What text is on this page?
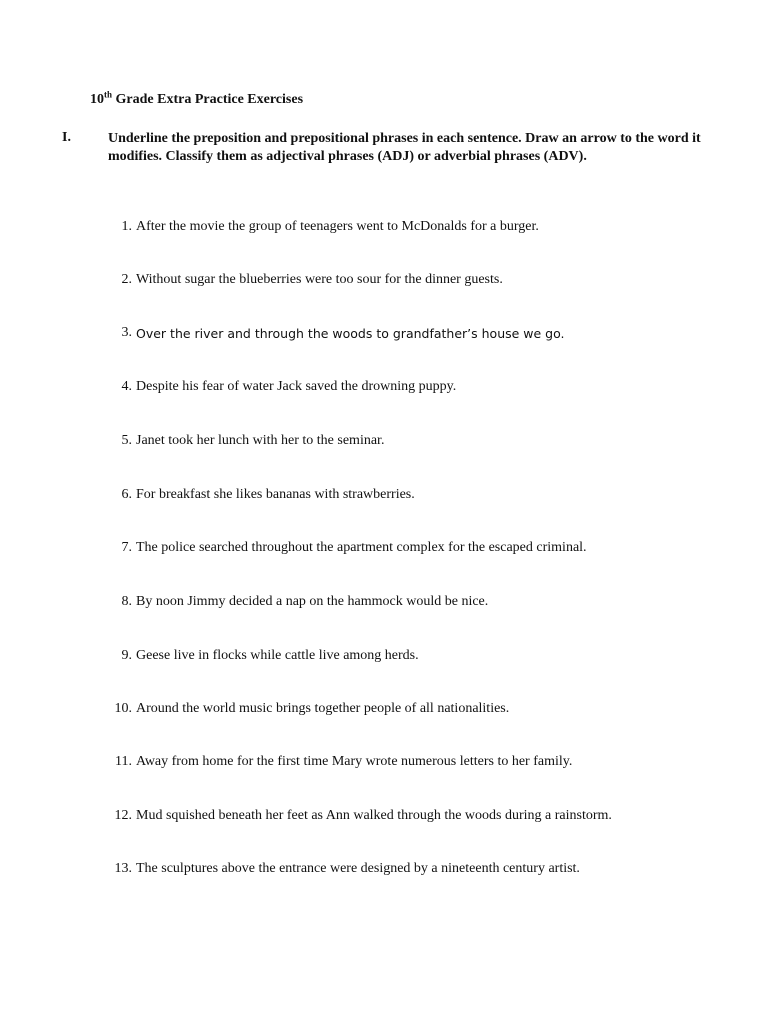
10th Grade Extra Practice Exercises
I.	Underline the preposition and prepositional phrases in each sentence. Draw an arrow to the word it modifies. Classify them as adjectival phrases (ADJ) or adverbial phrases (ADV).
1. After the movie the group of teenagers went to McDonalds for a burger.
2. Without sugar the blueberries were too sour for the dinner guests.
3. Over the river and through the woods to grandfather’s house we go.
4. Despite his fear of water Jack saved the drowning puppy.
5. Janet took her lunch with her to the seminar.
6. For breakfast she likes bananas with strawberries.
7. The police searched throughout the apartment complex for the escaped criminal.
8. By noon Jimmy decided a nap on the hammock would be nice.
9. Geese live in flocks while cattle live among herds.
10. Around the world music brings together people of all nationalities.
11. Away from home for the first time Mary wrote numerous letters to her family.
12. Mud squished beneath her feet as Ann walked through the woods during a rainstorm.
13. The sculptures above the entrance were designed by a nineteenth century artist.
